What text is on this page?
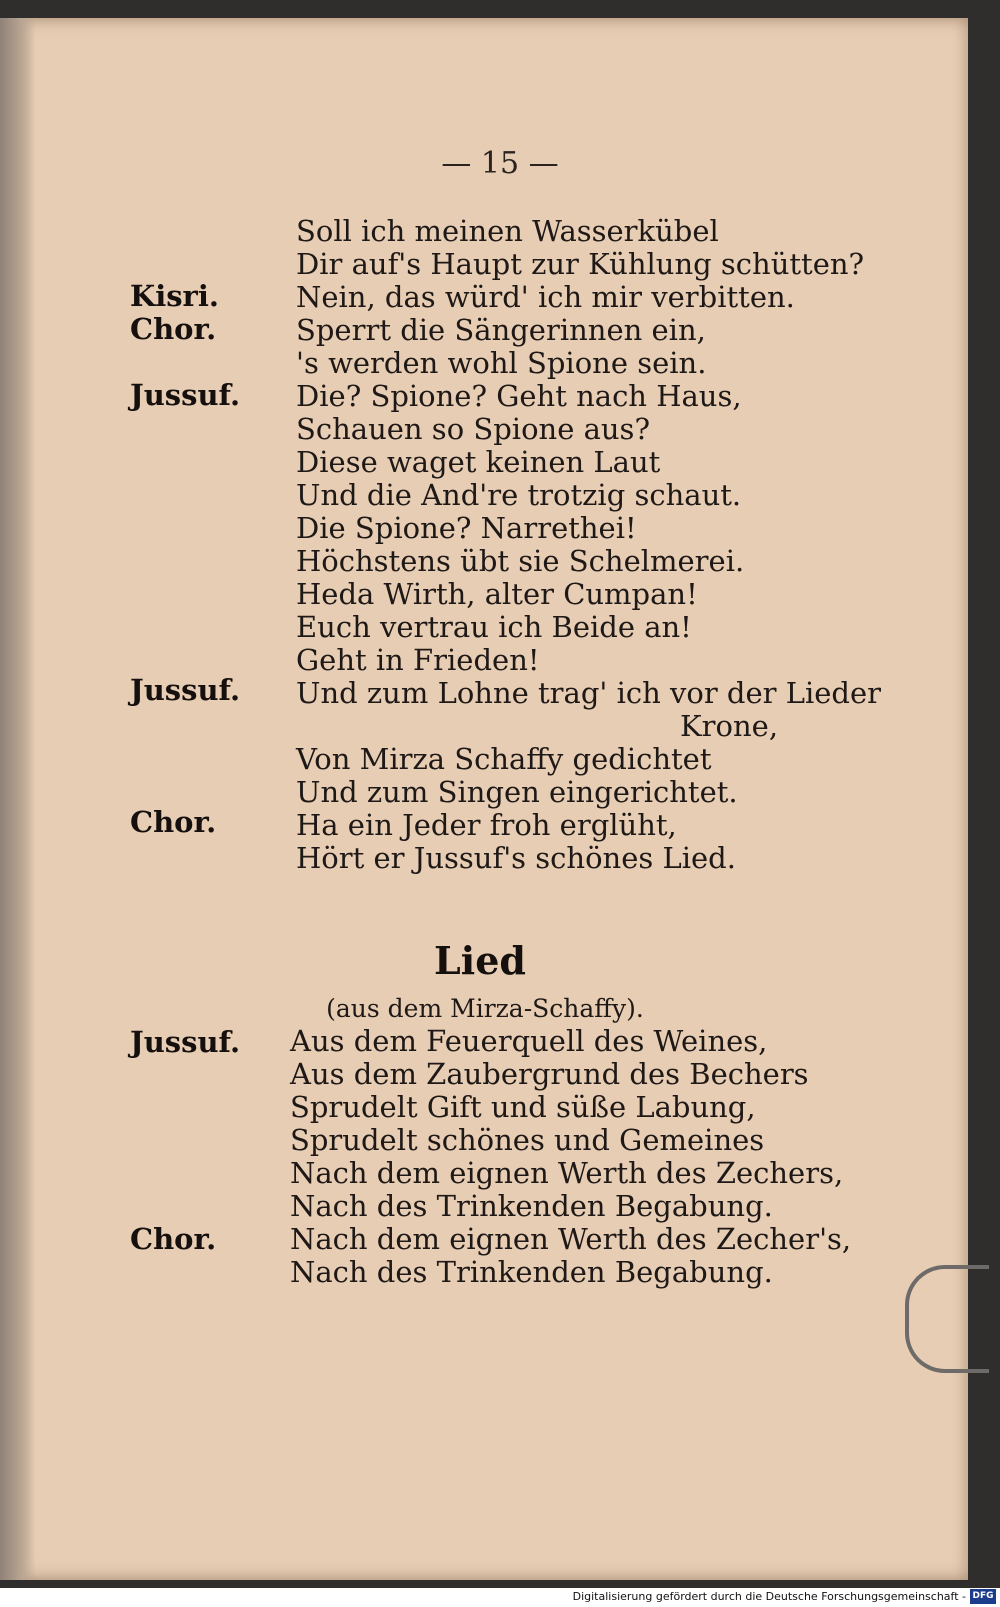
— 15 —
Kisri.
Chor.
Jussuf.
Jussuf.
Chor.
Soll ich meinen Wasserkübel
Dir auf's Haupt zur Kühlung schütten?
Nein, das würd' ich mir verbitten.
Sperrt die Sängerinnen ein,
's werden wohl Spione sein.
Die? Spione? Geht nach Haus,
Schauen so Spione aus?
Diese waget keinen Laut
Und die And're trotzig schaut.
Die Spione? Narrethei!
Höchstens übt sie Schelmerei.
Heda Wirth, alter Cumpan!
Euch vertrau ich Beide an!
Geht in Frieden!
Und zum Lohne trag' ich vor der Lieder
Krone,
Von Mirza Schaffy gedichtet
Und zum Singen eingerichtet.
Ha ein Jeder froh erglüht,
Hört er Jussuf's schönes Lied.
Lied
(aus dem Mirza-Schaffy).
Jussuf.
Chor.
Aus dem Feuerquell des Weines,
Aus dem Zaubergrund des Bechers
Sprudelt Gift und süße Labung,
Sprudelt schönes und Gemeines
Nach dem eignen Werth des Zechers,
Nach des Trinkenden Begabung.
Nach dem eignen Werth des Zecher's,
Nach des Trinkenden Begabung.
Digitalisierung gefördert durch die Deutsche Forschungsgemeinschaft - DFG
